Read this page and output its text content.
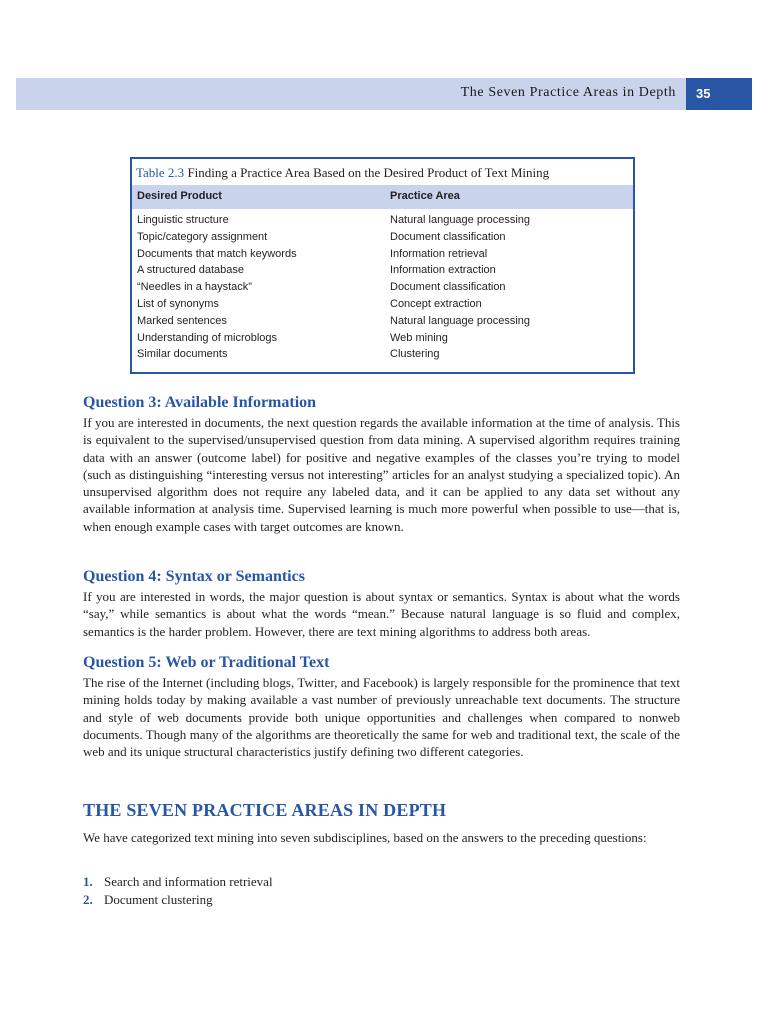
The Seven Practice Areas in Depth 35
Table 2.3 Finding a Practice Area Based on the Desired Product of Text Mining
Desired Product	Practice Area
Linguistic structure	Natural language processing
Topic/category assignment	Document classification
Documents that match keywords	Information retrieval
A structured database	Information extraction
“Needles in a haystack”	Document classification
List of synonyms	Concept extraction
Marked sentences	Natural language processing
Understanding of microblogs	Web mining
Similar documents	Clustering
Question 3: Available Information
If you are interested in documents, the next question regards the available information at the time of analysis. This is equivalent to the supervised/unsupervised question from data mining. A supervised algorithm requires training data with an answer (outcome label) for positive and negative examples of the classes you’re trying to model (such as distinguishing “interesting versus not interesting” articles for an analyst studying a specialized topic). An unsupervised algorithm does not require any labeled data, and it can be applied to any data set without any available information at analysis time. Supervised learning is much more powerful when possible to use—that is, when enough example cases with target outcomes are known.
Question 4: Syntax or Semantics
If you are interested in words, the major question is about syntax or semantics. Syntax is about what the words “say,” while semantics is about what the words “mean.” Because natural language is so fluid and complex, semantics is the harder problem. However, there are text mining algorithms to address both areas.
Question 5: Web or Traditional Text
The rise of the Internet (including blogs, Twitter, and Facebook) is largely responsible for the prominence that text mining holds today by making available a vast number of previously unreachable text documents. The structure and style of web documents provide both unique opportunities and challenges when compared to nonweb documents. Though many of the algorithms are theoretically the same for web and traditional text, the scale of the web and its unique structural characteristics justify defining two different categories.
THE SEVEN PRACTICE AREAS IN DEPTH
We have categorized text mining into seven subdisciplines, based on the answers to the preceding questions:
1. Search and information retrieval
2. Document clustering
